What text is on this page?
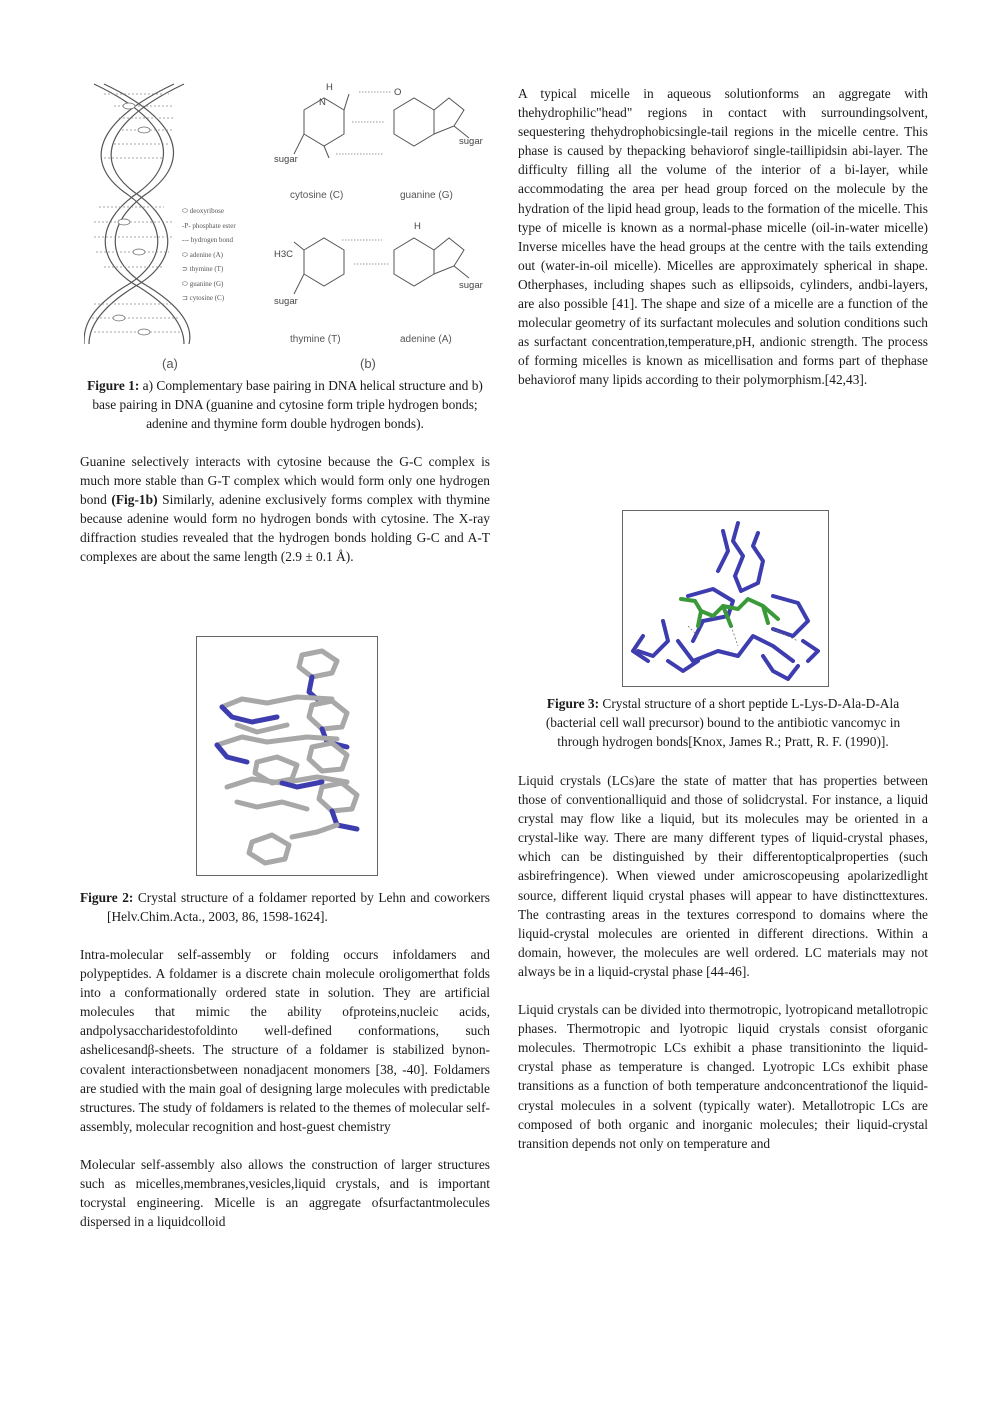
⬭ deoxyribose
-P- phosphate ester
--- hydrogen bond
⬭ adenine (A)
⊃ thymine (T)
⬭ guanine (G)
⊐ cytosine (C)
(a)
H
N
O
sugar
sugar
H3C
sugar
sugar
H
cytosine (C)	guanine (G)
thymine (T)	adenine (A)
(b)

Figure 1: a) Complementary base pairing in DNA helical structure and b) base pairing in DNA (guanine and cytosine form triple hydrogen bonds; adenine and thymine form double hydrogen bonds).

Guanine selectively interacts with cytosine because the G-C complex is much more stable than G-T complex which would form only one hydrogen bond (Fig-1b) Similarly, adenine exclusively forms complex with thymine because adenine would form no hydrogen bonds with cytosine. The X-ray diffraction studies revealed that the hydrogen bonds holding G-C and A-T complexes are about the same length (2.9 ± 0.1 Å).

Figure 2: Crystal structure of a foldamer reported by Lehn and coworkers [Helv.Chim.Acta., 2003, 86, 1598-1624].

Intra-molecular self-assembly or folding occurs infoldamers and polypeptides. A foldamer is a discrete chain molecule oroligomerthat folds into a conformationally ordered state in solution. They are artificial molecules that mimic the ability ofproteins,nucleic acids, andpolysaccharidestofoldinto well-defined conformations, such ashelicesandβ-sheets. The structure of a foldamer is stabilized bynon-covalent interactionsbetween nonadjacent monomers [38, -40]. Foldamers are studied with the main goal of designing large molecules with predictable structures. The study of foldamers is related to the themes of molecular self-assembly, molecular recognition and host-guest chemistry

Molecular self-assembly also allows the construction of larger structures such as micelles,membranes,vesicles,liquid crystals, and is important tocrystal engineering. Micelle is an aggregate ofsurfactantmolecules dispersed in a liquidcolloid

A typical micelle in aqueous solutionforms an aggregate with thehydrophilic"head" regions in contact with surroundingsolvent, sequestering thehydrophobicsingle-tail regions in the micelle centre. This phase is caused by thepacking behaviorof single-taillipidsin abi-layer. The difficulty filling all the volume of the interior of a bi-layer, while accommodating the area per head group forced on the molecule by the hydration of the lipid head group, leads to the formation of the micelle. This type of micelle is known as a normal-phase micelle (oil-in-water micelle) Inverse micelles have the head groups at the centre with the tails extending out (water-in-oil micelle). Micelles are approximately spherical in shape. Otherphases, including shapes such as ellipsoids, cylinders, andbi-layers, are also possible [41]. The shape and size of a micelle are a function of the molecular geometry of its surfactant molecules and solution conditions such as surfactant concentration,temperature,pH, andionic strength. The process of forming micelles is known as micellisation and forms part of thephase behaviorof many lipids according to their polymorphism.[42,43].

Figure 3: Crystal structure of a short peptide L-Lys-D-Ala-D-Ala (bacterial cell wall precursor) bound to the antibiotic vancomyc in through hydrogen bonds[Knox, James R.; Pratt, R. F. (1990)].

Liquid crystals (LCs)are the state of matter that has properties between those of conventionalliquid and those of solidcrystal. For instance, a liquid crystal may flow like a liquid, but its molecules may be oriented in a crystal-like way. There are many different types of liquid-crystal phases, which can be distinguished by their differentopticalproperties (such asbirefringence). When viewed under amicroscopeusing apolarizedlight source, different liquid crystal phases will appear to have distincttextures. The contrasting areas in the textures correspond to domains where the liquid-crystal molecules are oriented in different directions. Within a domain, however, the molecules are well ordered. LC materials may not always be in a liquid-crystal phase [44-46].

Liquid crystals can be divided into thermotropic, lyotropicand metallotropic phases. Thermotropic and lyotropic liquid crystals consist oforganic molecules. Thermotropic LCs exhibit a phase transitioninto the liquid-crystal phase as temperature is changed. Lyotropic LCs exhibit phase transitions as a function of both temperature andconcentrationof the liquid-crystal molecules in a solvent (typically water). Metallotropic LCs are composed of both organic and inorganic molecules; their liquid-crystal transition depends not only on temperature and
